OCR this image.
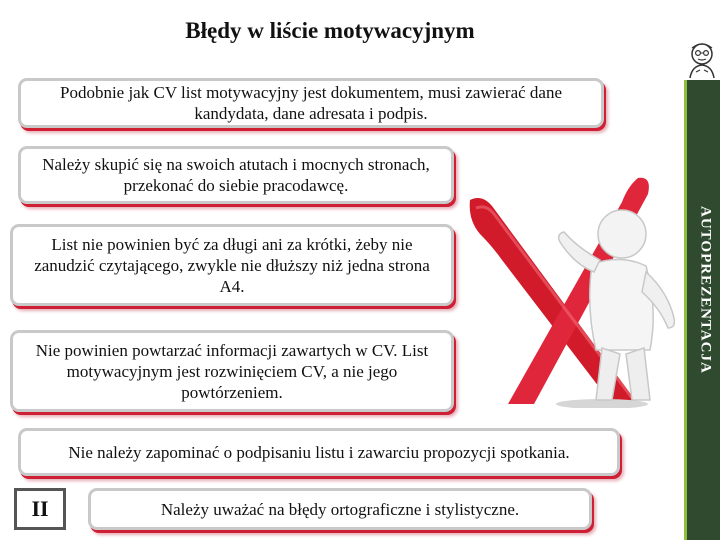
Błędy w liście motywacyjnym
Podobnie jak CV list motywacyjny jest dokumentem, musi zawierać dane kandydata, dane adresata i podpis.
Należy skupić się na swoich atutach i mocnych stronach, przekonać do siebie pracodawcę.
List nie powinien być za długi ani za krótki, żeby nie zanudzić czytającego, zwykle nie dłuższy niż jedna strona A4.
Nie powinien powtarzać informacji zawartych w CV. List motywacyjnym jest rozwinięciem CV, a nie jego powtórzeniem.
Nie należy zapominać o podpisaniu listu i zawarciu propozycji spotkania.
Należy uważać na błędy ortograficzne i stylistyczne.
II
AUTOPREZENTACJA
